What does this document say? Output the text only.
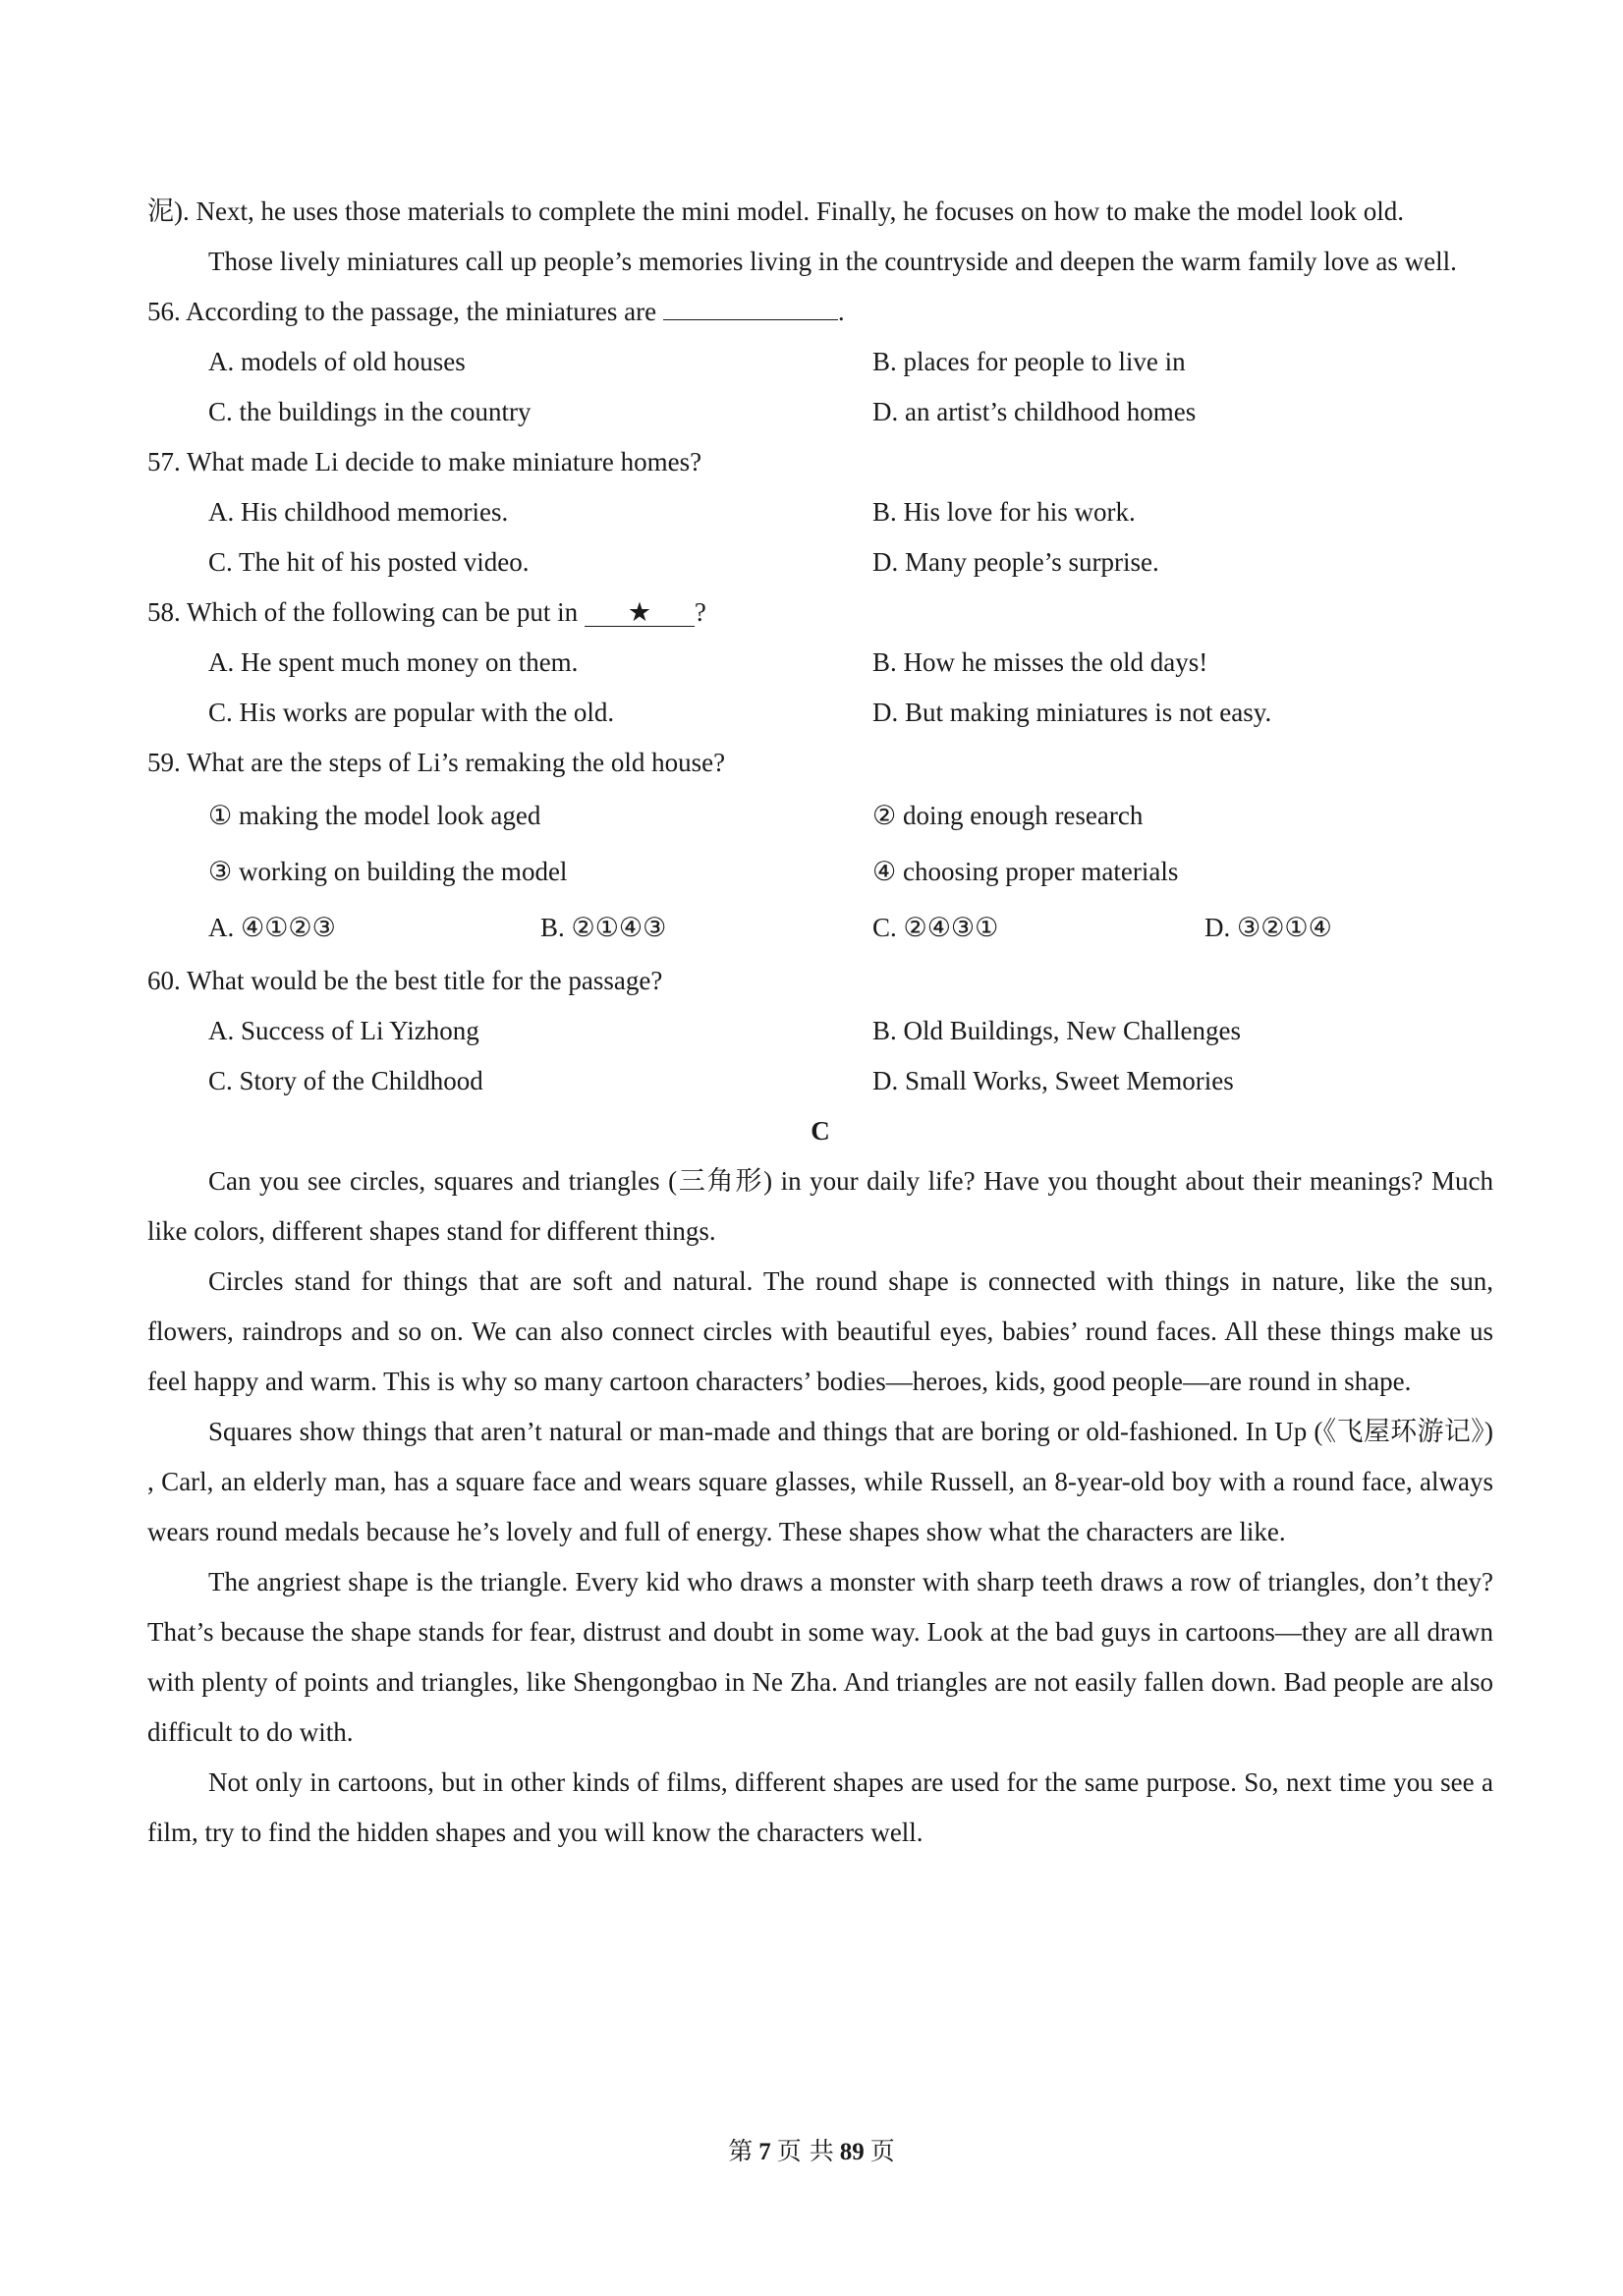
泥). Next, he uses those materials to complete the mini model. Finally, he focuses on how to make the model look old.

Those lively miniatures call up people’s memories living in the countryside and deepen the warm family love as well.

56. According to the passage, the miniatures are	.

A. models of old houses	B. places for people to live in
C. the buildings in the country	D. an artist’s childhood homes

57. What made Li decide to make miniature homes?

A. His childhood memories.	B. His love for his work.
C. The hit of his posted video.	D. Many people’s surprise.

58. Which of the following can be put in ★ ?

A. He spent much money on them.	B. How he misses the old days!
C. His works are popular with the old.	D. But making miniatures is not easy.

59. What are the steps of Li’s remaking the old house?

① making the model look aged	② doing enough research
③ working on building the model	④ choosing proper materials
A. ④①②③	B. ②①④③	C. ②④③①	D. ③②①④

60. What would be the best title for the passage?

A. Success of Li Yizhong	B. Old Buildings, New Challenges
C. Story of the Childhood	D. Small Works, Sweet Memories

C

Can you see circles, squares and triangles (三角形) in your daily life? Have you thought about their meanings? Much like colors, different shapes stand for different things.

Circles stand for things that are soft and natural. The round shape is connected with things in nature, like the sun, flowers, raindrops and so on. We can also connect circles with beautiful eyes, babies’ round faces. All these things make us feel happy and warm. This is why so many cartoon characters’ bodies—heroes, kids, good people—are round in shape.

Squares show things that aren’t natural or man-made and things that are boring or old-fashioned. In Up (《飞屋环游记》) , Carl, an elderly man, has a square face and wears square glasses, while Russell, an 8-year-old boy with a round face, always wears round medals because he’s lovely and full of energy. These shapes show what the characters are like.

The angriest shape is the triangle. Every kid who draws a monster with sharp teeth draws a row of triangles, don’t they? That’s because the shape stands for fear, distrust and doubt in some way. Look at the bad guys in cartoons—they are all drawn with plenty of points and triangles, like Shengongbao in Ne Zha. And triangles are not easily fallen down. Bad people are also difficult to do with.

Not only in cartoons, but in other kinds of films, different shapes are used for the same purpose. So, next time you see a film, try to find the hidden shapes and you will know the characters well.

第 7 页 共 89 页
